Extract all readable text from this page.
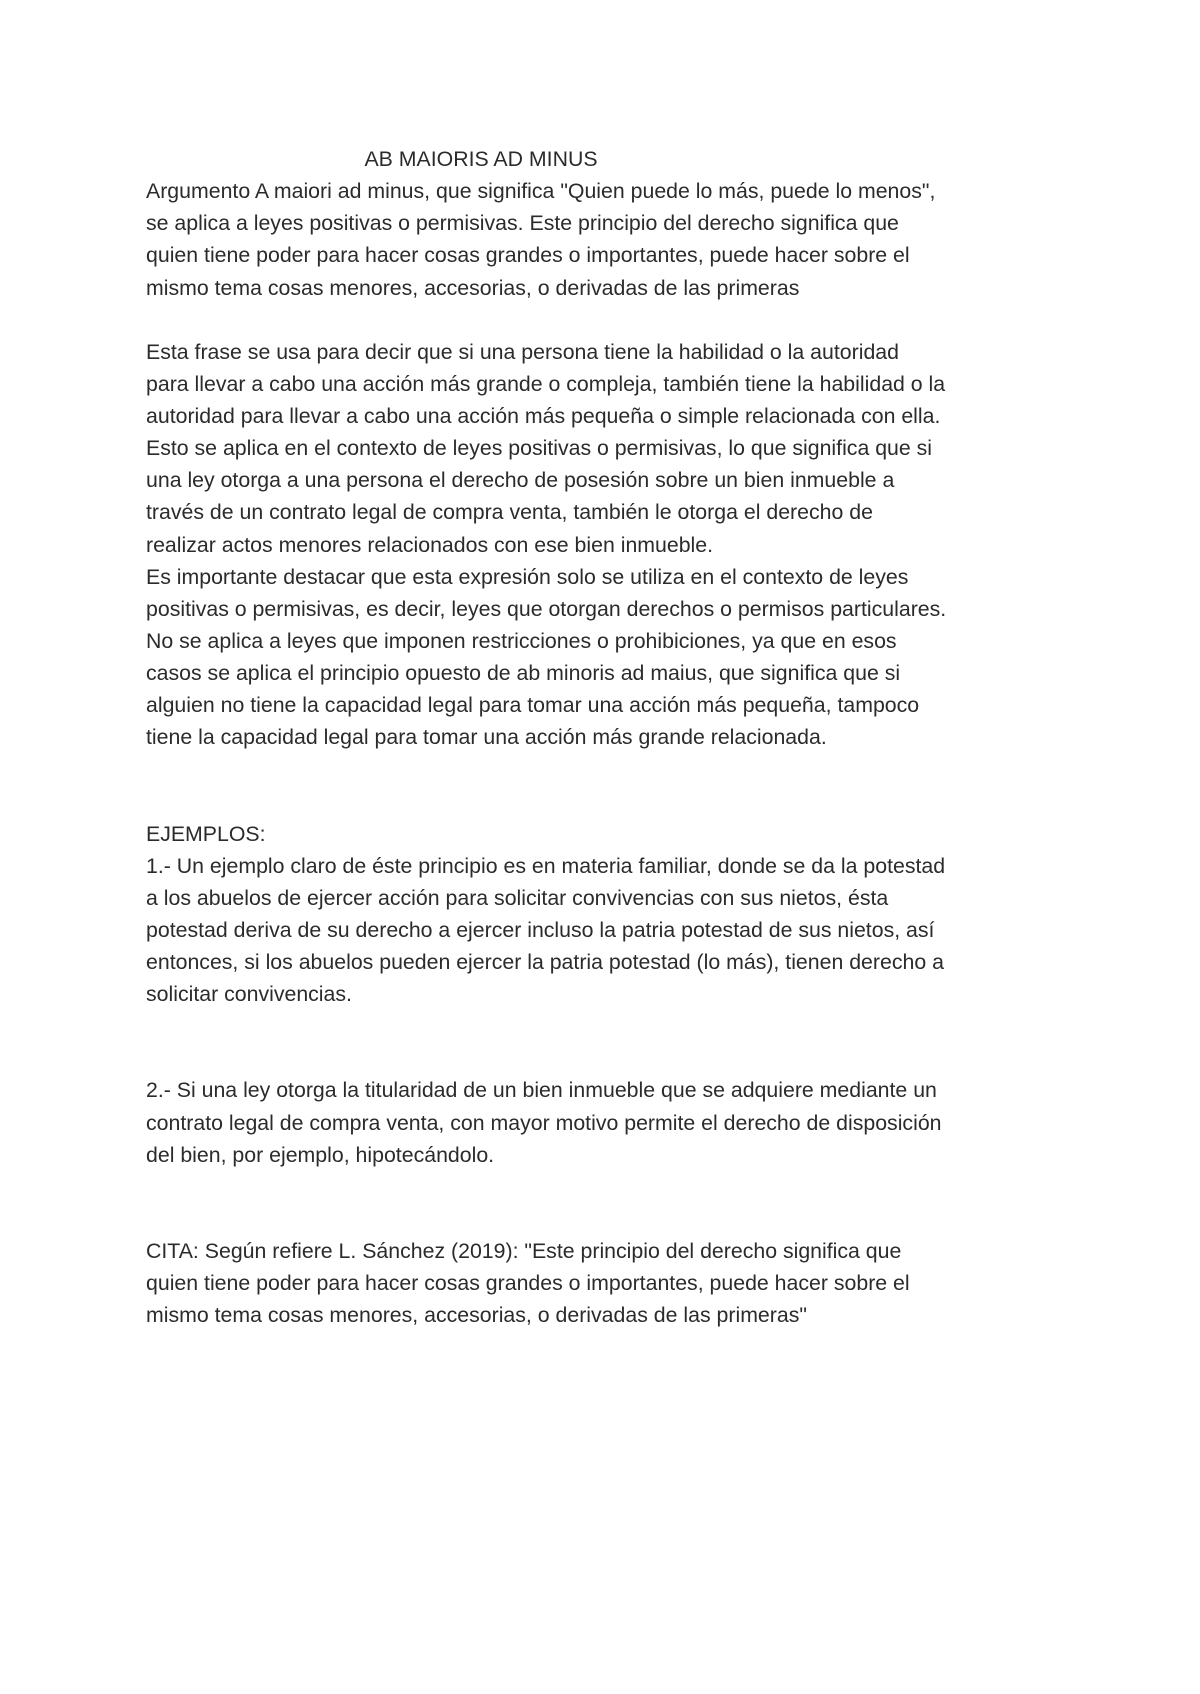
AB MAIORIS AD MINUS
Argumento A maiori ad minus, que significa "Quien puede lo más, puede lo menos",
se aplica a leyes positivas o permisivas. Este principio del derecho significa que
quien tiene poder para hacer cosas grandes o importantes, puede hacer sobre el
mismo tema cosas menores, accesorias, o derivadas de las primeras
Esta frase se usa para decir que si una persona tiene la habilidad o la autoridad
para llevar a cabo una acción más grande o compleja, también tiene la habilidad o la
autoridad para llevar a cabo una acción más pequeña o simple relacionada con ella.
Esto se aplica en el contexto de leyes positivas o permisivas, lo que significa que si
una ley otorga a una persona el derecho de posesión sobre un bien inmueble a
través de un contrato legal de compra venta, también le otorga el derecho de
realizar actos menores relacionados con ese bien inmueble.
Es importante destacar que esta expresión solo se utiliza en el contexto de leyes
positivas o permisivas, es decir, leyes que otorgan derechos o permisos particulares.
No se aplica a leyes que imponen restricciones o prohibiciones, ya que en esos
casos se aplica el principio opuesto de ab minoris ad maius, que significa que si
alguien no tiene la capacidad legal para tomar una acción más pequeña, tampoco
tiene la capacidad legal para tomar una acción más grande relacionada.
EJEMPLOS:
1.- Un ejemplo claro de éste principio es en materia familiar, donde se da la potestad
a los abuelos de ejercer acción para solicitar convivencias con sus nietos, ésta
potestad deriva de su derecho a ejercer incluso la patria potestad de sus nietos, así
entonces, si los abuelos pueden ejercer la patria potestad (lo más), tienen derecho a
solicitar convivencias.
2.- Si una ley otorga la titularidad de un bien inmueble que se adquiere mediante un
contrato legal de compra venta, con mayor motivo permite el derecho de disposición
del bien, por ejemplo, hipotecándolo.
CITA: Según refiere L. Sánchez (2019): "Este principio del derecho significa que
quien tiene poder para hacer cosas grandes o importantes, puede hacer sobre el
mismo tema cosas menores, accesorias, o derivadas de las primeras"
